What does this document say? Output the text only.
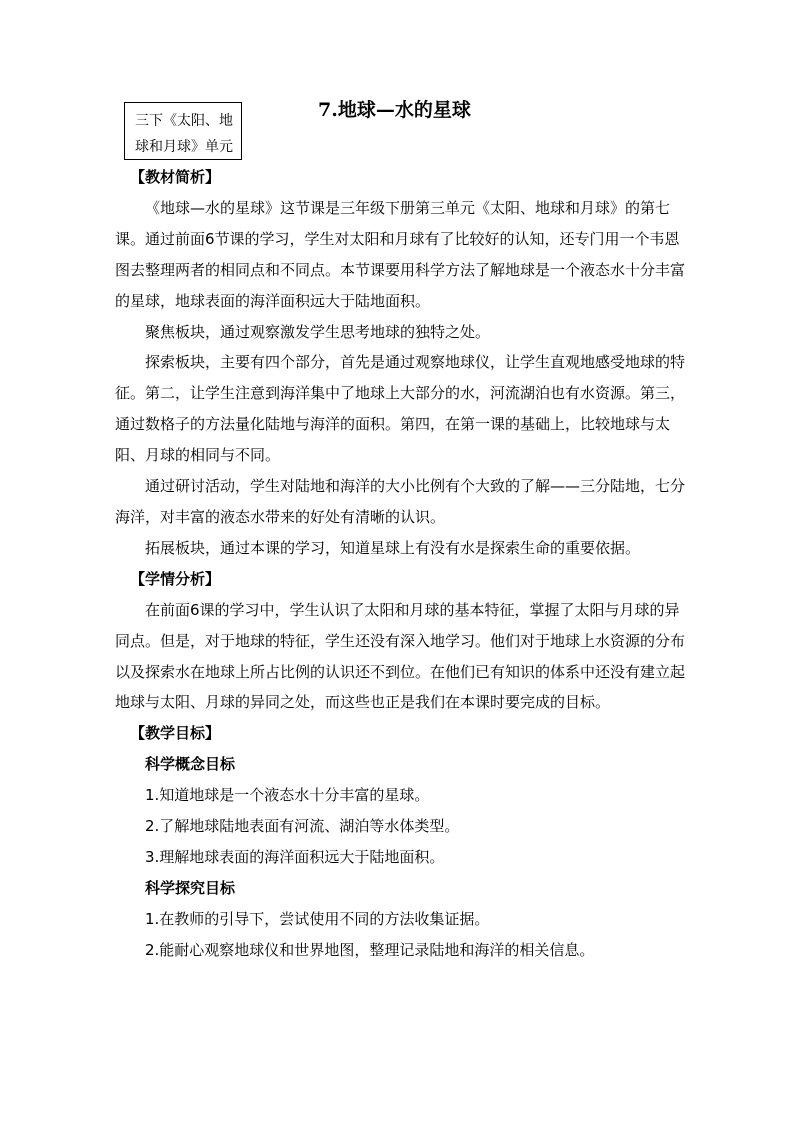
三下《太阳、地
球和月球》单元
7.地球—水的星球

【教材简析】

《地球—水的星球》这节课是三年级下册第三单元《太阳、地球和月球》的第七课。通过前面6节课的学习，学生对太阳和月球有了比较好的认知，还专门用一个韦恩图去整理两者的相同点和不同点。本节课要用科学方法了解地球是一个液态水十分丰富的星球，地球表面的海洋面积远大于陆地面积。

聚焦板块，通过观察激发学生思考地球的独特之处。

探索板块，主要有四个部分，首先是通过观察地球仪，让学生直观地感受地球的特征。第二，让学生注意到海洋集中了地球上大部分的水，河流湖泊也有水资源。第三，通过数格子的方法量化陆地与海洋的面积。第四，在第一课的基础上，比较地球与太阳、月球的相同与不同。

通过研讨活动，学生对陆地和海洋的大小比例有个大致的了解——三分陆地，七分海洋，对丰富的液态水带来的好处有清晰的认识。

拓展板块，通过本课的学习，知道星球上有没有水是探索生命的重要依据。

【学情分析】

在前面6课的学习中，学生认识了太阳和月球的基本特征，掌握了太阳与月球的异同点。但是，对于地球的特征，学生还没有深入地学习。他们对于地球上水资源的分布以及探索水在地球上所占比例的认识还不到位。在他们已有知识的体系中还没有建立起地球与太阳、月球的异同之处，而这些也正是我们在本课时要完成的目标。

【教学目标】

科学概念目标

1.知道地球是一个液态水十分丰富的星球。

2.了解地球陆地表面有河流、湖泊等水体类型。

3.理解地球表面的海洋面积远大于陆地面积。

科学探究目标

1.在教师的引导下，尝试使用不同的方法收集证据。

2.能耐心观察地球仪和世界地图，整理记录陆地和海洋的相关信息。
